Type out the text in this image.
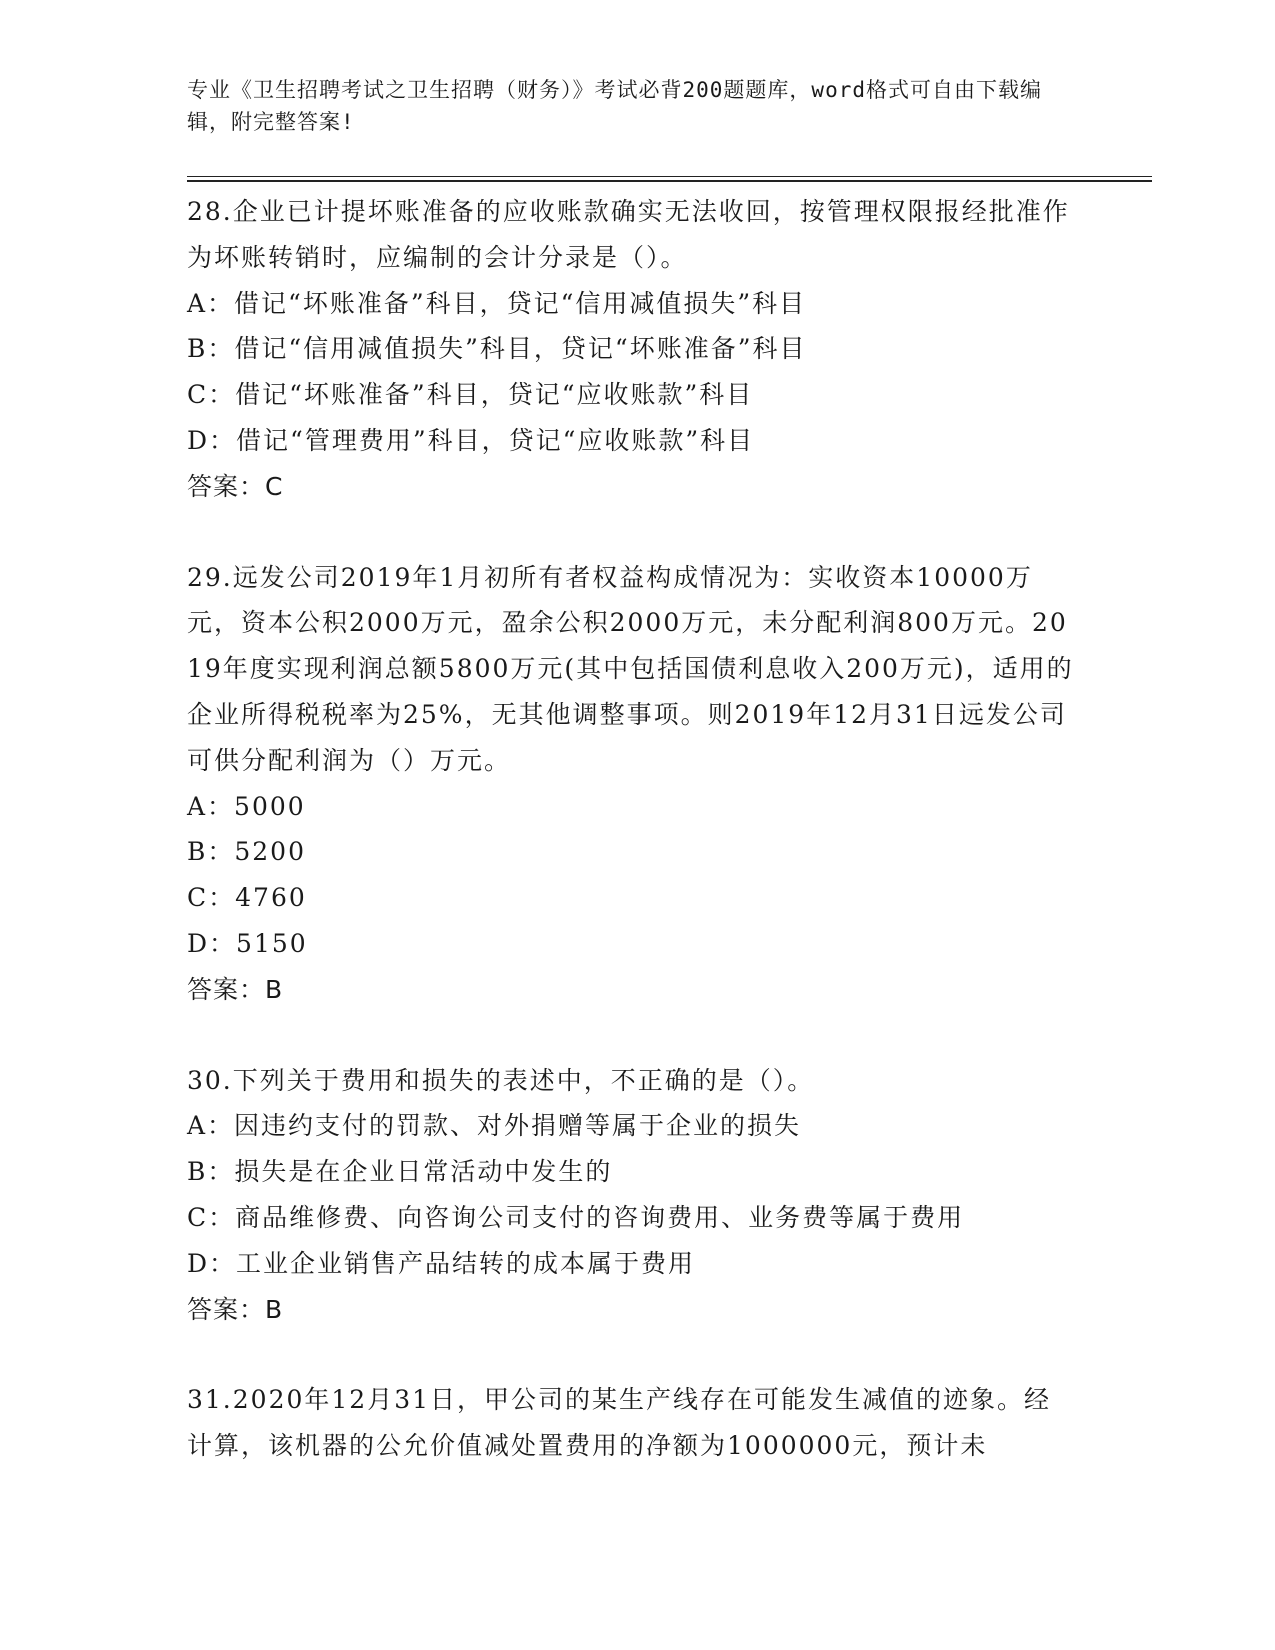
专业《卫生招聘考试之卫生招聘（财务）》考试必背200题题库，word格式可自由下载编辑，附完整答案!
28.企业已计提坏账准备的应收账款确实无法收回，按管理权限报经批准作为坏账转销时，应编制的会计分录是（）。
A：借记“坏账准备”科目，贷记“信用减值损失”科目
B：借记“信用减值损失”科目，贷记“坏账准备”科目
C：借记“坏账准备”科目，贷记“应收账款”科目
D：借记“管理费用”科目，贷记“应收账款”科目
答案：C
29.远发公司2019年1月初所有者权益构成情况为：实收资本10000万元，资本公积2000万元，盈余公积2000万元，未分配利润800万元。2019年度实现利润总额5800万元(其中包括国债利息收入200万元)，适用的企业所得税税率为25%，无其他调整事项。则2019年12月31日远发公司可供分配利润为（）万元。
A：5000
B：5200
C：4760
D：5150
答案：B
30.下列关于费用和损失的表述中，不正确的是（）。
A：因违约支付的罚款、对外捐赠等属于企业的损失
B：损失是在企业日常活动中发生的
C：商品维修费、向咨询公司支付的咨询费用、业务费等属于费用
D：工业企业销售产品结转的成本属于费用
答案：B
31.2020年12月31日，甲公司的某生产线存在可能发生减值的迹象。经计算，该机器的公允价值减处置费用的净额为1000000元，预计未
